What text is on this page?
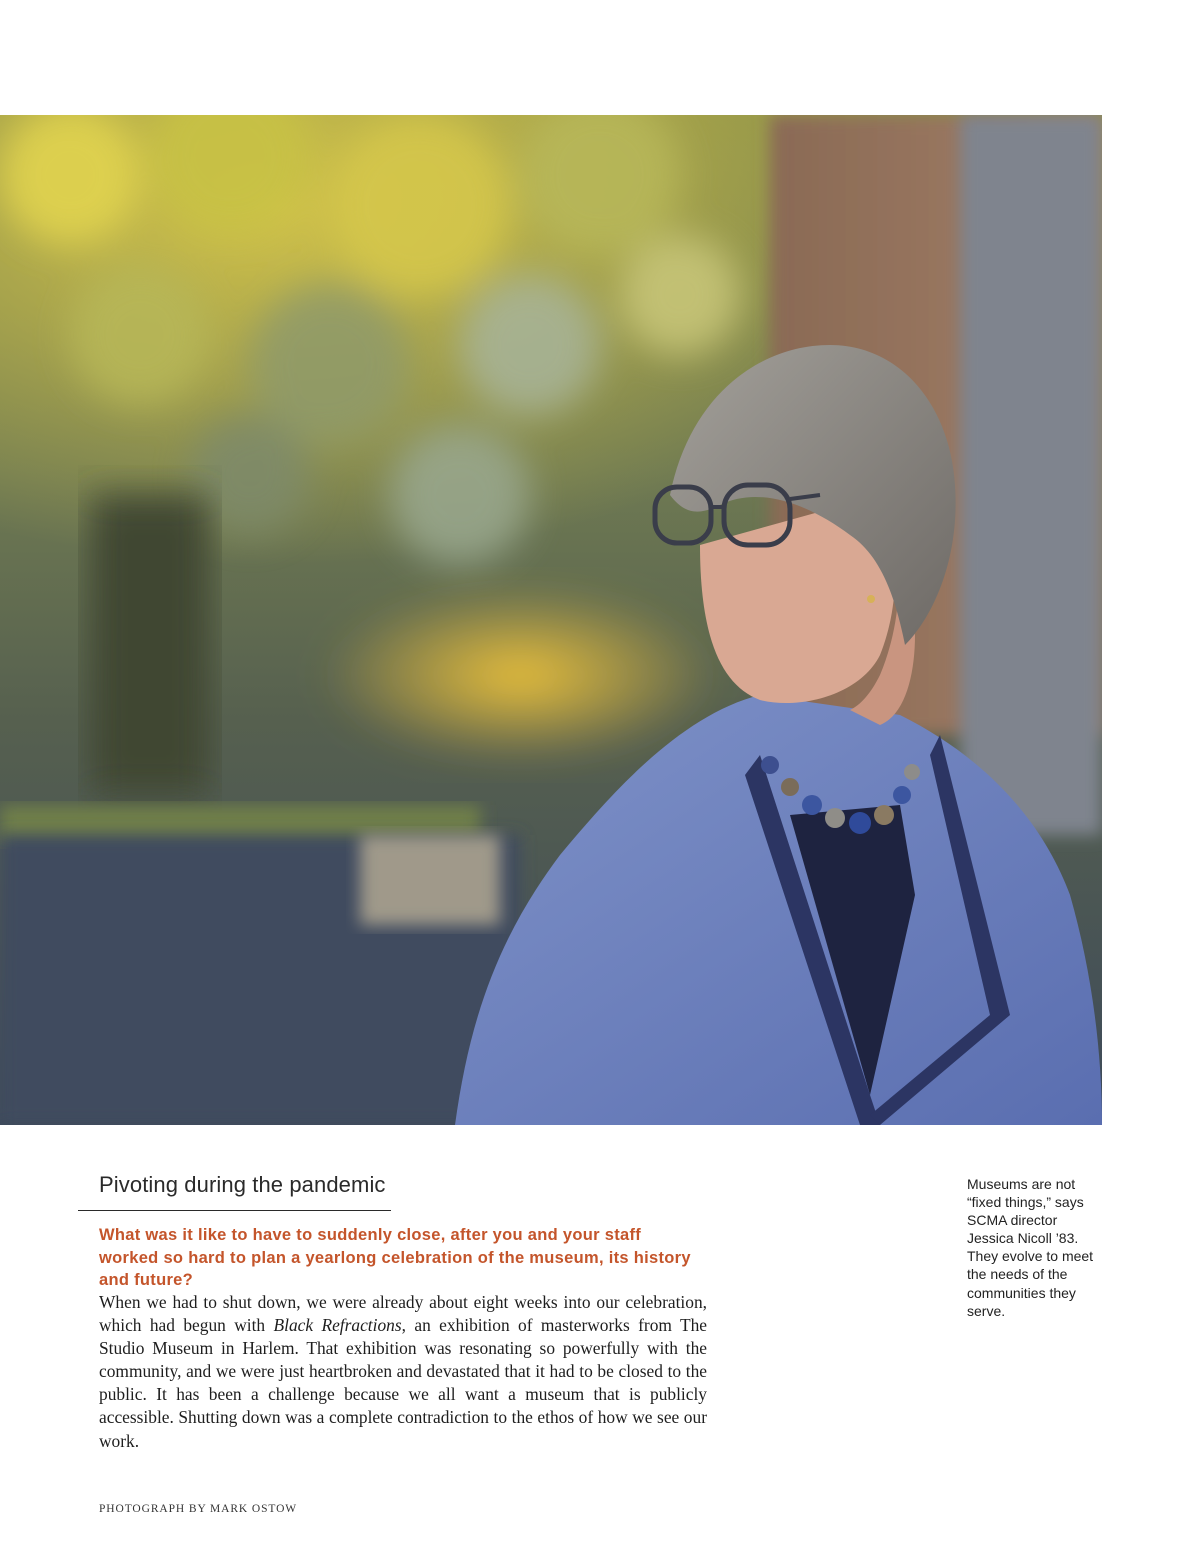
Pivoting during the pandemic

What was it like to have to suddenly close, after you and your staff worked so hard to plan a yearlong celebration of the museum, its history and future?

When we had to shut down, we were already about eight weeks into our celebration, which had begun with Black Refractions, an exhibition of masterworks from The Studio Museum in Harlem. That exhibition was resonating so powerfully with the community, and we were just heartbroken and devastated that it had to be closed to the public. It has been a challenge because we all want a museum that is publicly accessible. Shutting down was a complete contradiction to the ethos of how we see our work.

Museums are not “fixed things,” says SCMA director Jessica Nicoll ’83. They evolve to meet the needs of the communities they serve.

PHOTOGRAPH BY MARK OSTOW
